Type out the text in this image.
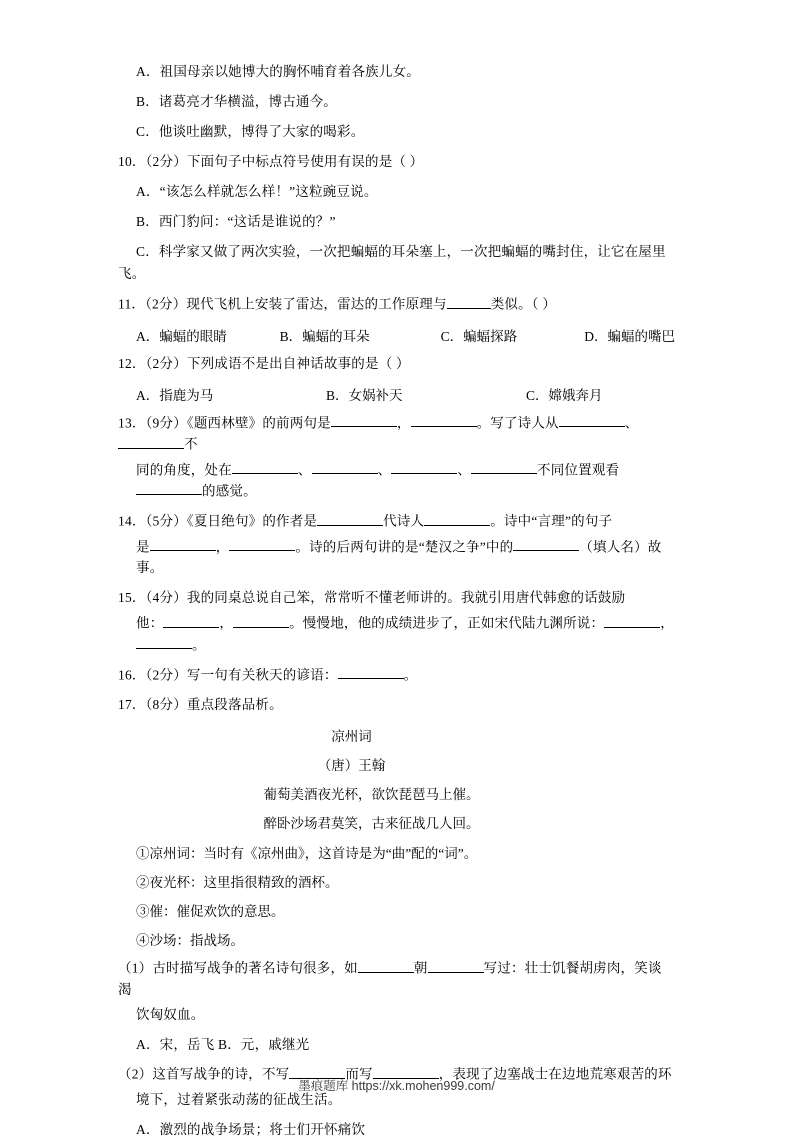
A．祖国母亲以她博大的胸怀哺育着各族儿女。

B．诸葛亮才华横溢，博古通今。

C．他谈吐幽默，博得了大家的喝彩。

10．（2分）下面句子中标点符号使用有误的是（ ）

A．“该怎么样就怎么样！”这粒豌豆说。

B．西门豹问：“这话是谁说的？”

C．科学家又做了两次实验，一次把蝙蝠的耳朵塞上，一次把蝙蝠的嘴封住，让它在屋里

飞。

11．（2分）现代飞机上安装了雷达，雷达的工作原理与	类似。（ ）

A．蝙蝠的眼睛	B．蝙蝠的耳朵	C．蝙蝠探路	D．蝙蝠的嘴巴

12．（2分）下列成语不是出自神话故事的是（ ）

A．指鹿为马	B．女娲补天	C．嫦娥奔月

13．（9分）《题西林壁》的前两句是	，	。写了诗人从	、不

同的角度，处在	、	、	、	不同位置观看的感觉。

14．（5分）《夏日绝句》的作者是	代诗人	。诗中“言理”的句子

是	，	。诗的后两句讲的是“楚汉之争”中的	（填人名）故事。

15．（4分）我的同桌总说自己笨，常常听不懂老师讲的。我就引用唐代韩愈的话鼓励

他：	，	。慢慢地，他的成绩进步了，正如宋代陆九渊所说：	，。

16．（2分）写一句有关秋天的谚语：	。

17．（8分）重点段落品析。

凉州词

（唐）王翰

葡萄美酒夜光杯，欲饮琵琶马上催。

醉卧沙场君莫笑，古来征战几人回。

①凉州词：当时有《凉州曲》，这首诗是为“曲”配的“词”。

②夜光杯：这里指很精致的酒杯。

③催：催促欢饮的意思。

④沙场：指战场。

（1）古时描写战争的著名诗句很多，如	朝	写过：壮士饥餐胡虏肉，笑谈渴

饮匈奴血。

A．宋，岳飞 B．元，戚继光

（2）这首写战争的诗，不写	而写	，表现了边塞战士在边地荒寒艰苦的环

境下，过着紧张动荡的征战生活。

A．激烈的战争场景；将士们开怀痛饮

墨痕题库 https://xk.mohen999.com/
